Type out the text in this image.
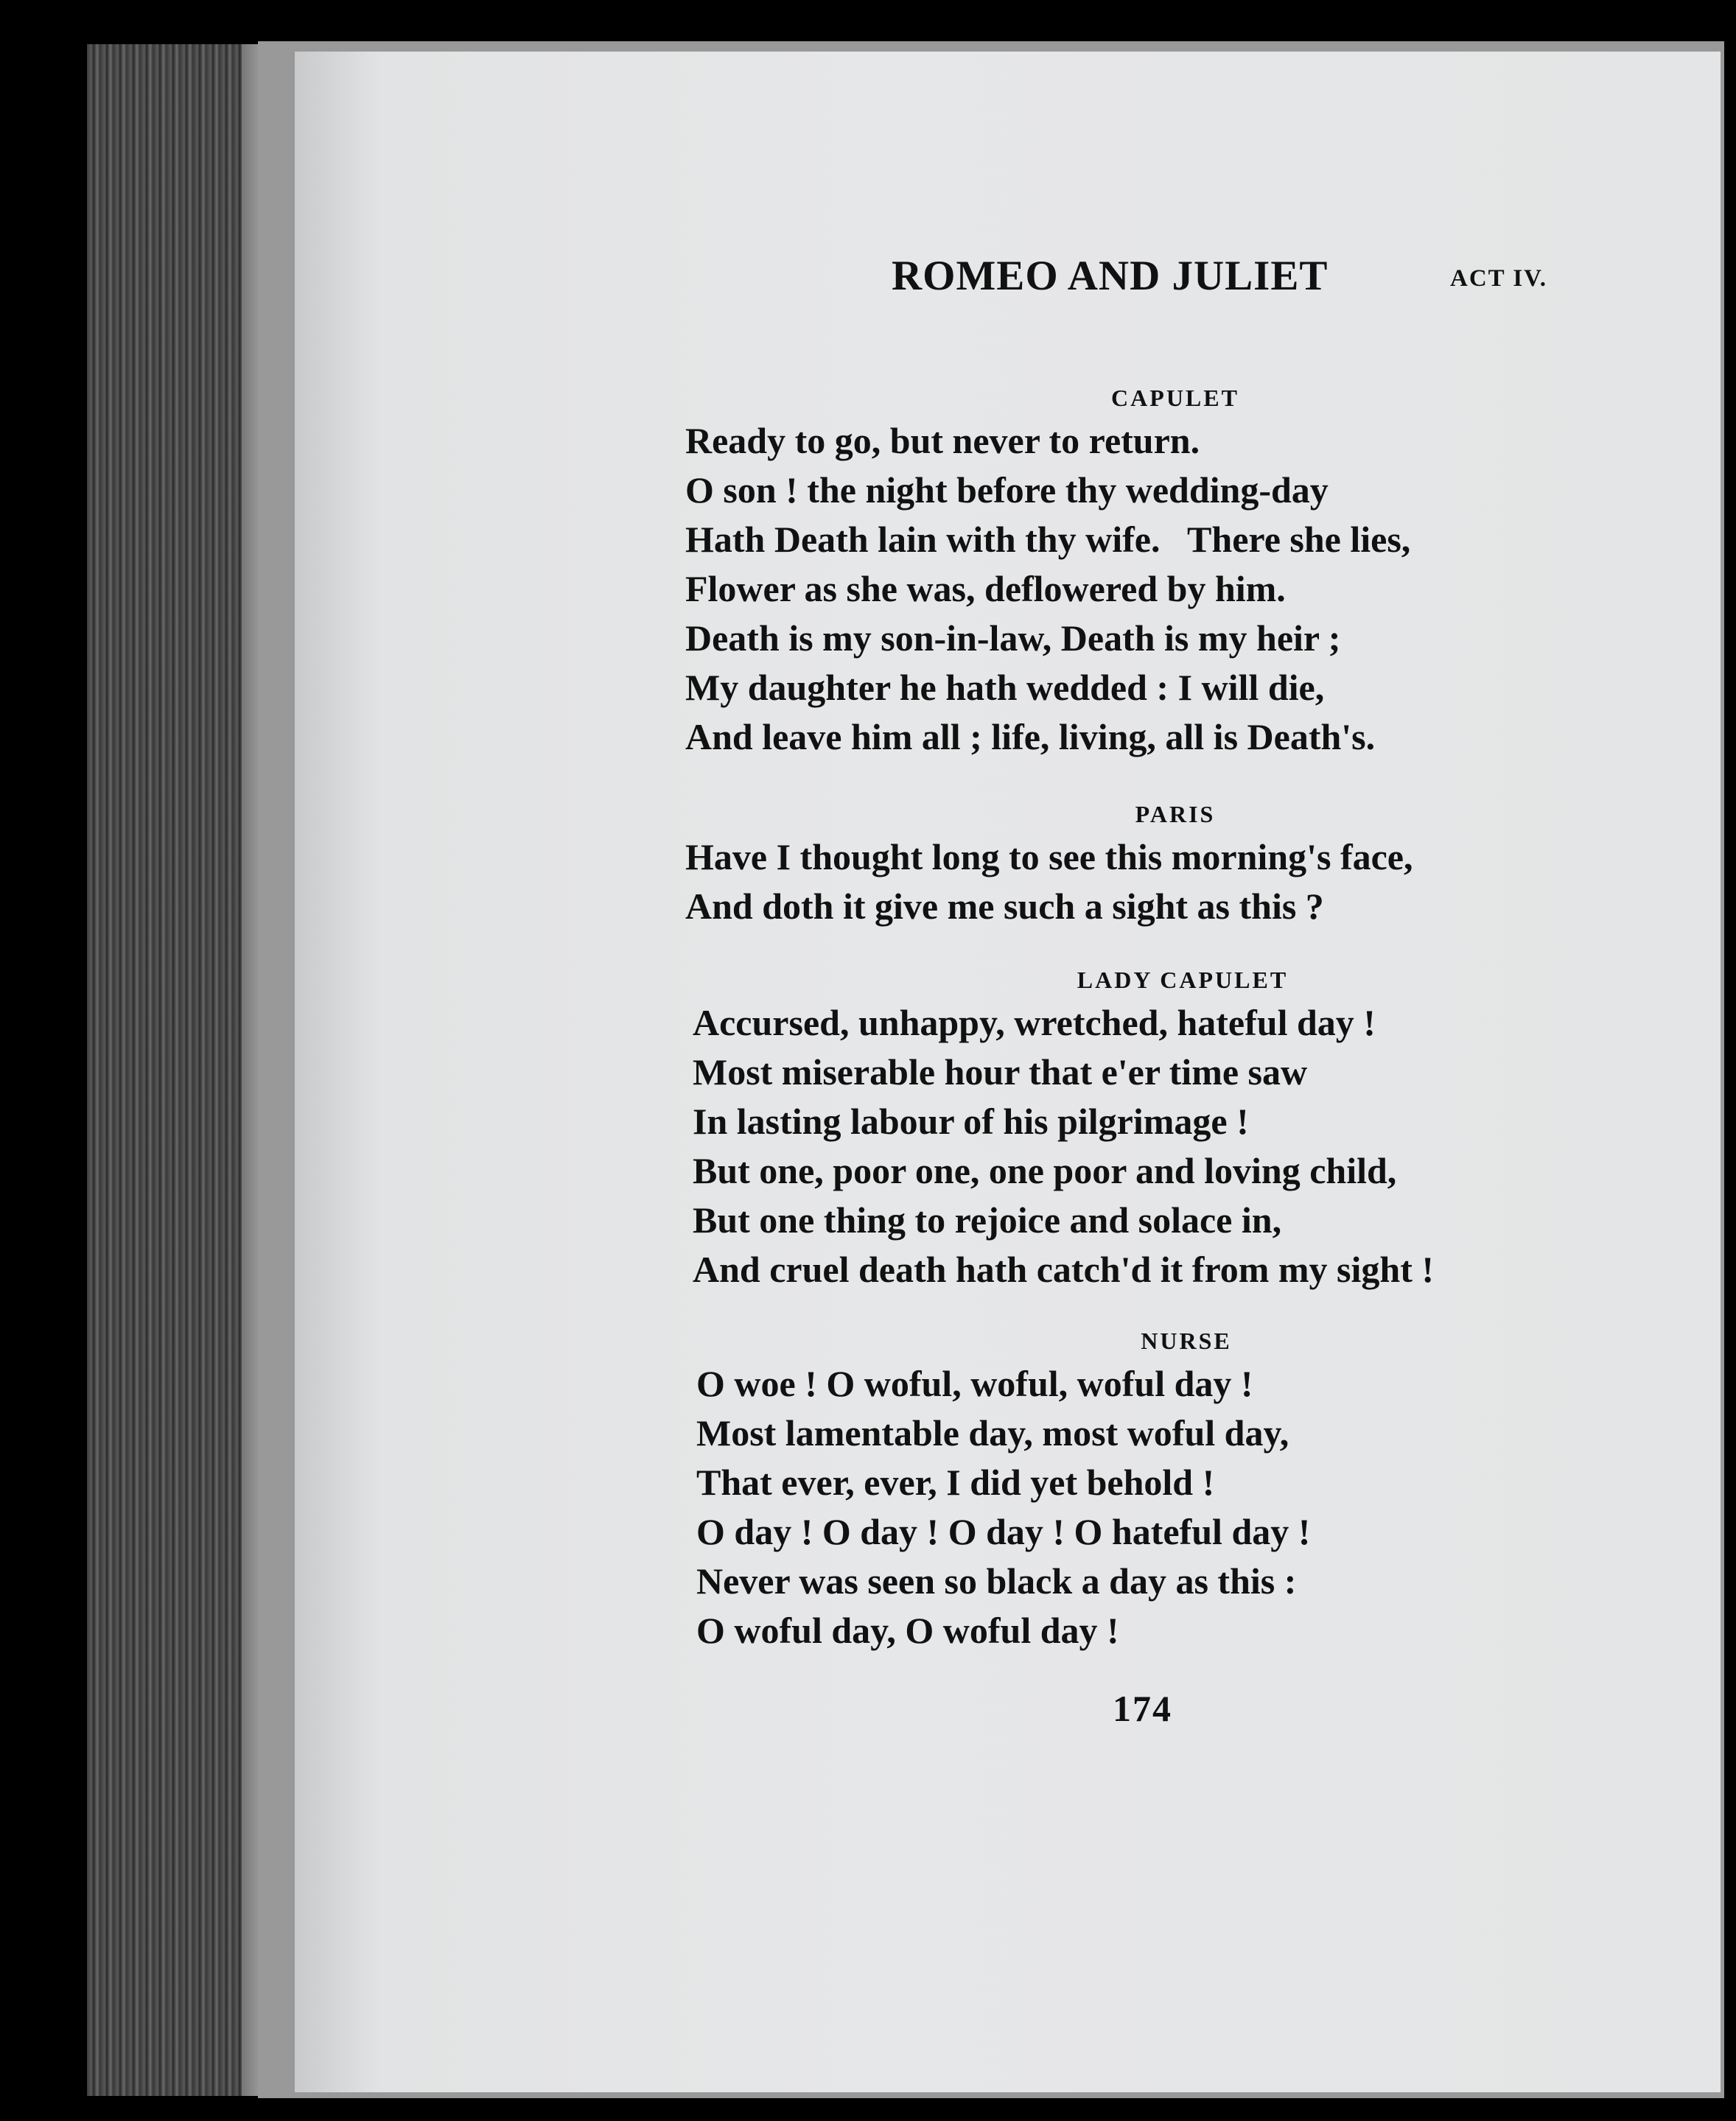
ROMEO AND JULIET	ACT IV.
CAPULET
Ready to go, but never to return.
O son ! the night before thy wedding-day
Hath Death lain with thy wife.   There she lies,
Flower as she was, deflowered by him.
Death is my son-in-law, Death is my heir ;
My daughter he hath wedded : I will die,
And leave him all ; life, living, all is Death's.
PARIS
Have I thought long to see this morning's face,
And doth it give me such a sight as this ?
LADY CAPULET
Accursed, unhappy, wretched, hateful day !
Most miserable hour that e'er time saw
In lasting labour of his pilgrimage !
But one, poor one, one poor and loving child,
But one thing to rejoice and solace in,
And cruel death hath catch'd it from my sight !
NURSE
O woe ! O woful, woful, woful day !
Most lamentable day, most woful day,
That ever, ever, I did yet behold !
O day ! O day ! O day ! O hateful day !
Never was seen so black a day as this :
O woful day, O woful day !
174
